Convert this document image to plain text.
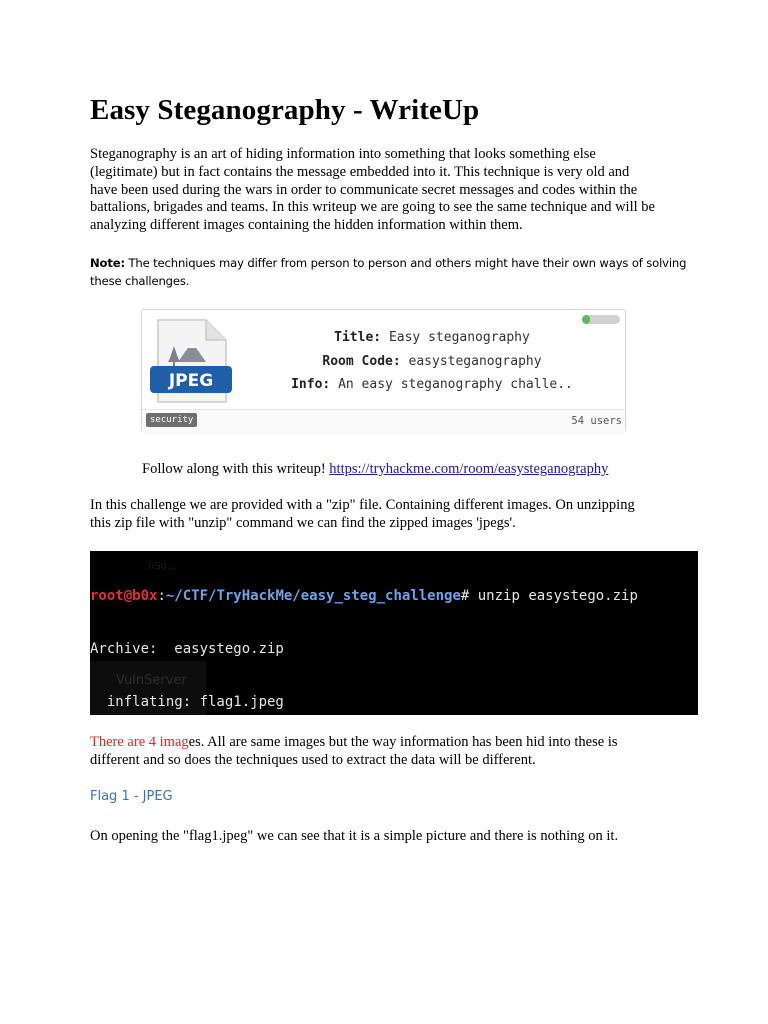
Easy Steganography - WriteUp

Steganography is an art of hiding information into something that looks something else
(legitimate) but in fact contains the message embedded into it. This technique is very old and
have been used during the wars in order to communicate secret messages and codes within the
battalions, brigades and teams. In this writeup we are going to see the same technique and will be
analyzing different images containing the hidden information within them.

Note: The techniques may differ from person to person and others might have their own ways of solving
these challenges.
JPEG
Title: Easy steganography
Room Code: easysteganography
Info: An easy steganography challe..
security	54 users
Follow along with this writeup! https://tryhackme.com/room/easysteganography

In this challenge we are provided with a "zip" file. Containing different images. On unzipping
this zip file with "unzip" command we can find the zipped images 'jpegs'.

nSo...
VulnServer

root@b0x:~/CTF/TryHackMe/easy_steg_challenge# unzip easystego.zip

Archive:  easystego.zip

inflating: flag1.jpeg

There are 4 images. All are same images but the way information has been hid into these is
different and so does the techniques used to extract the data will be different.

Flag 1 - JPEG

On opening the "flag1.jpeg" we can see that it is a simple picture and there is nothing on it.
